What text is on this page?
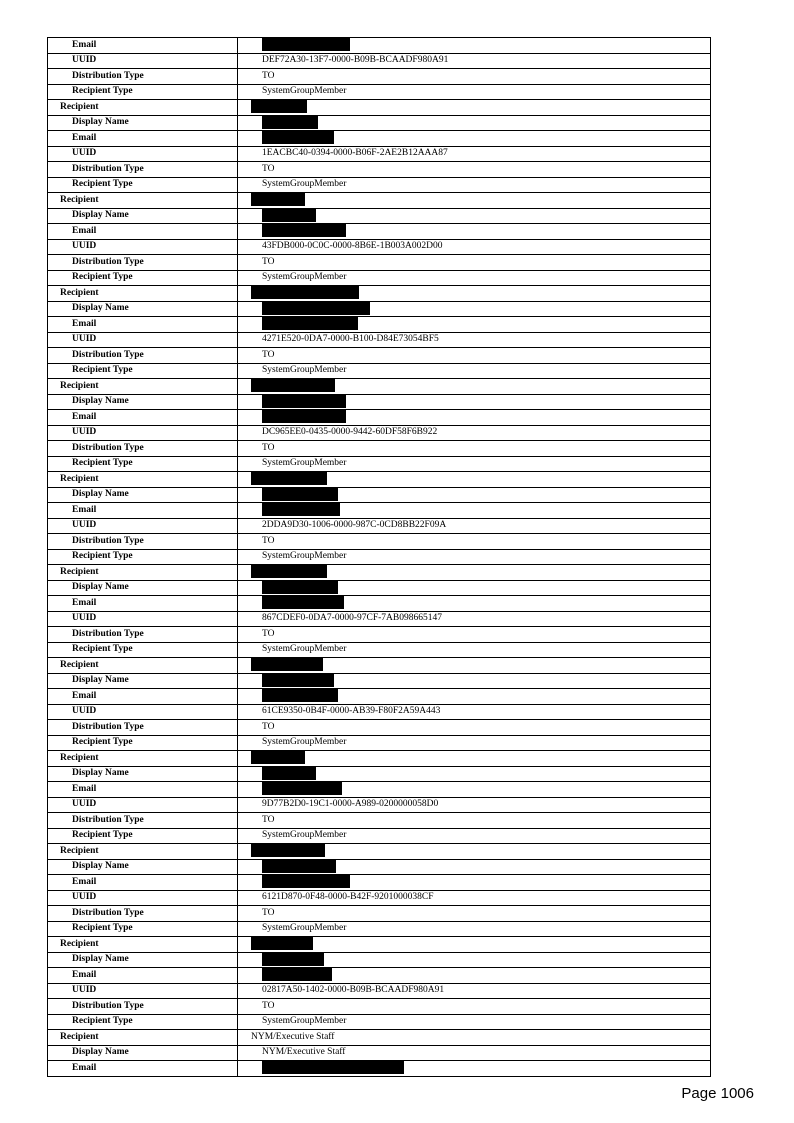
Email	
UUID	DEF72A30-13F7-0000-B09B-BCAADF980A91
Distribution Type	TO
Recipient Type	SystemGroupMember
Recipient	
Display Name	
Email	
UUID	1EACBC40-0394-0000-B06F-2AE2B12AAA87
Distribution Type	TO
Recipient Type	SystemGroupMember
Recipient	
Display Name	
Email	
UUID	43FDB000-0C0C-0000-8B6E-1B003A002D00
Distribution Type	TO
Recipient Type	SystemGroupMember
Recipient	
Display Name	
Email	
UUID	4271E520-0DA7-0000-B100-D84E73054BF5
Distribution Type	TO
Recipient Type	SystemGroupMember
Recipient	
Display Name	
Email	
UUID	DC965EE0-0435-0000-9442-60DF58F6B922
Distribution Type	TO
Recipient Type	SystemGroupMember
Recipient	
Display Name	
Email	
UUID	2DDA9D30-1006-0000-987C-0CD8BB22F09A
Distribution Type	TO
Recipient Type	SystemGroupMember
Recipient	
Display Name	
Email	
UUID	867CDEF0-0DA7-0000-97CF-7AB098665147
Distribution Type	TO
Recipient Type	SystemGroupMember
Recipient	
Display Name	
Email	
UUID	61CE9350-0B4F-0000-AB39-F80F2A59A443
Distribution Type	TO
Recipient Type	SystemGroupMember
Recipient	
Display Name	
Email	
UUID	9D77B2D0-19C1-0000-A989-0200000058D0
Distribution Type	TO
Recipient Type	SystemGroupMember
Recipient	
Display Name	
Email	
UUID	6121D870-0F48-0000-B42F-9201000038CF
Distribution Type	TO
Recipient Type	SystemGroupMember
Recipient	
Display Name	
Email	
UUID	02817A50-1402-0000-B09B-BCAADF980A91
Distribution Type	TO
Recipient Type	SystemGroupMember
Recipient	NYM/Executive Staff
Display Name	NYM/Executive Staff
Email	
Page 1006
